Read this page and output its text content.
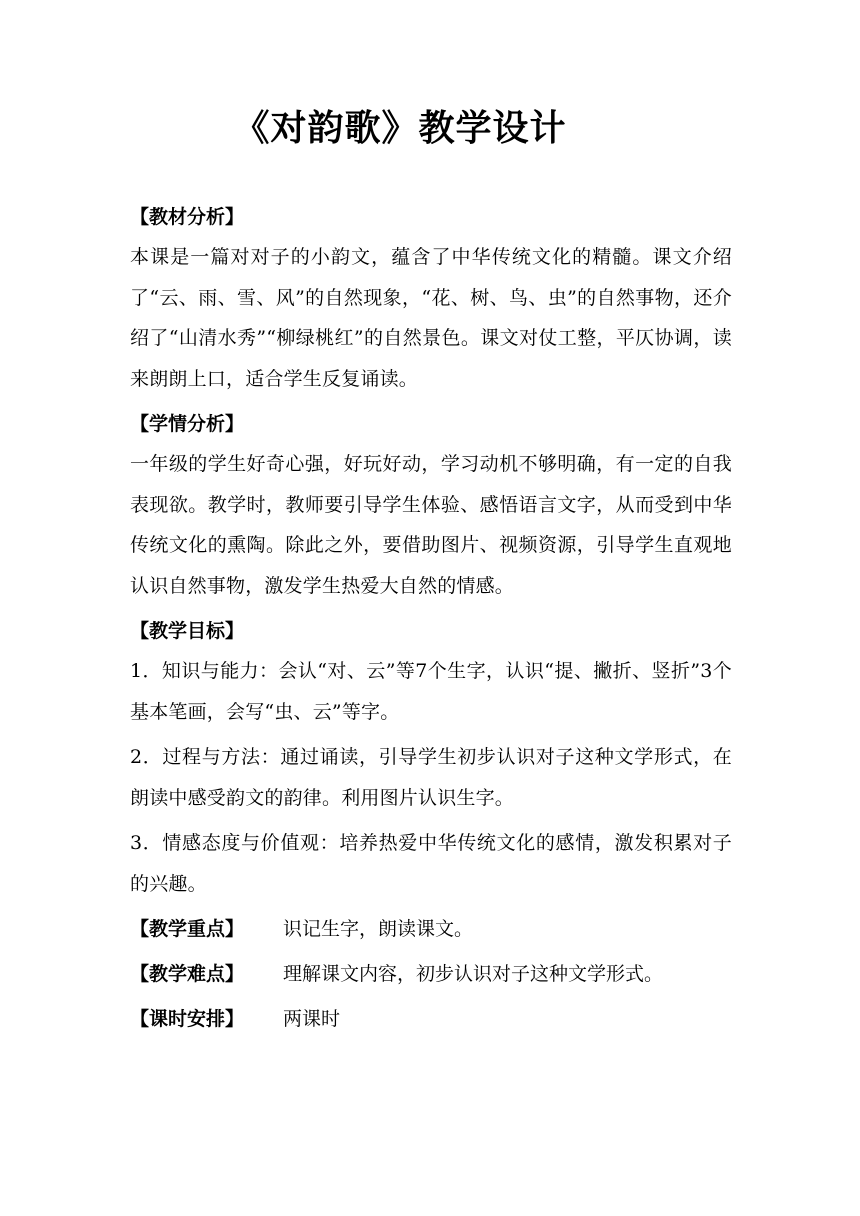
《对韵歌》教学设计
【教材分析】

本课是一篇对对子的小韵文，蕴含了中华传统文化的精髓。课文介绍了“云、雨、雪、风”的自然现象，“花、树、鸟、虫”的自然事物，还介绍了“山清水秀”“柳绿桃红”的自然景色。课文对仗工整，平仄协调，读来朗朗上口，适合学生反复诵读。

【学情分析】

一年级的学生好奇心强，好玩好动，学习动机不够明确，有一定的自我表现欲。教学时，教师要引导学生体验、感悟语言文字，从而受到中华传统文化的熏陶。除此之外，要借助图片、视频资源，引导学生直观地认识自然事物，激发学生热爱大自然的情感。

【教学目标】

1．知识与能力：会认“对、云”等7个生字，认识“提、撇折、竖折”3个基本笔画，会写“虫、云”等字。

2．过程与方法：通过诵读，引导学生初步认识对子这种文学形式，在朗读中感受韵文的韵律。利用图片认识生字。

3．情感态度与价值观：培养热爱中华传统文化的感情，激发积累对子的兴趣。

【教学重点】	识记生字，朗读课文。
【教学难点】	理解课文内容，初步认识对子这种文学形式。
【课时安排】	两课时
